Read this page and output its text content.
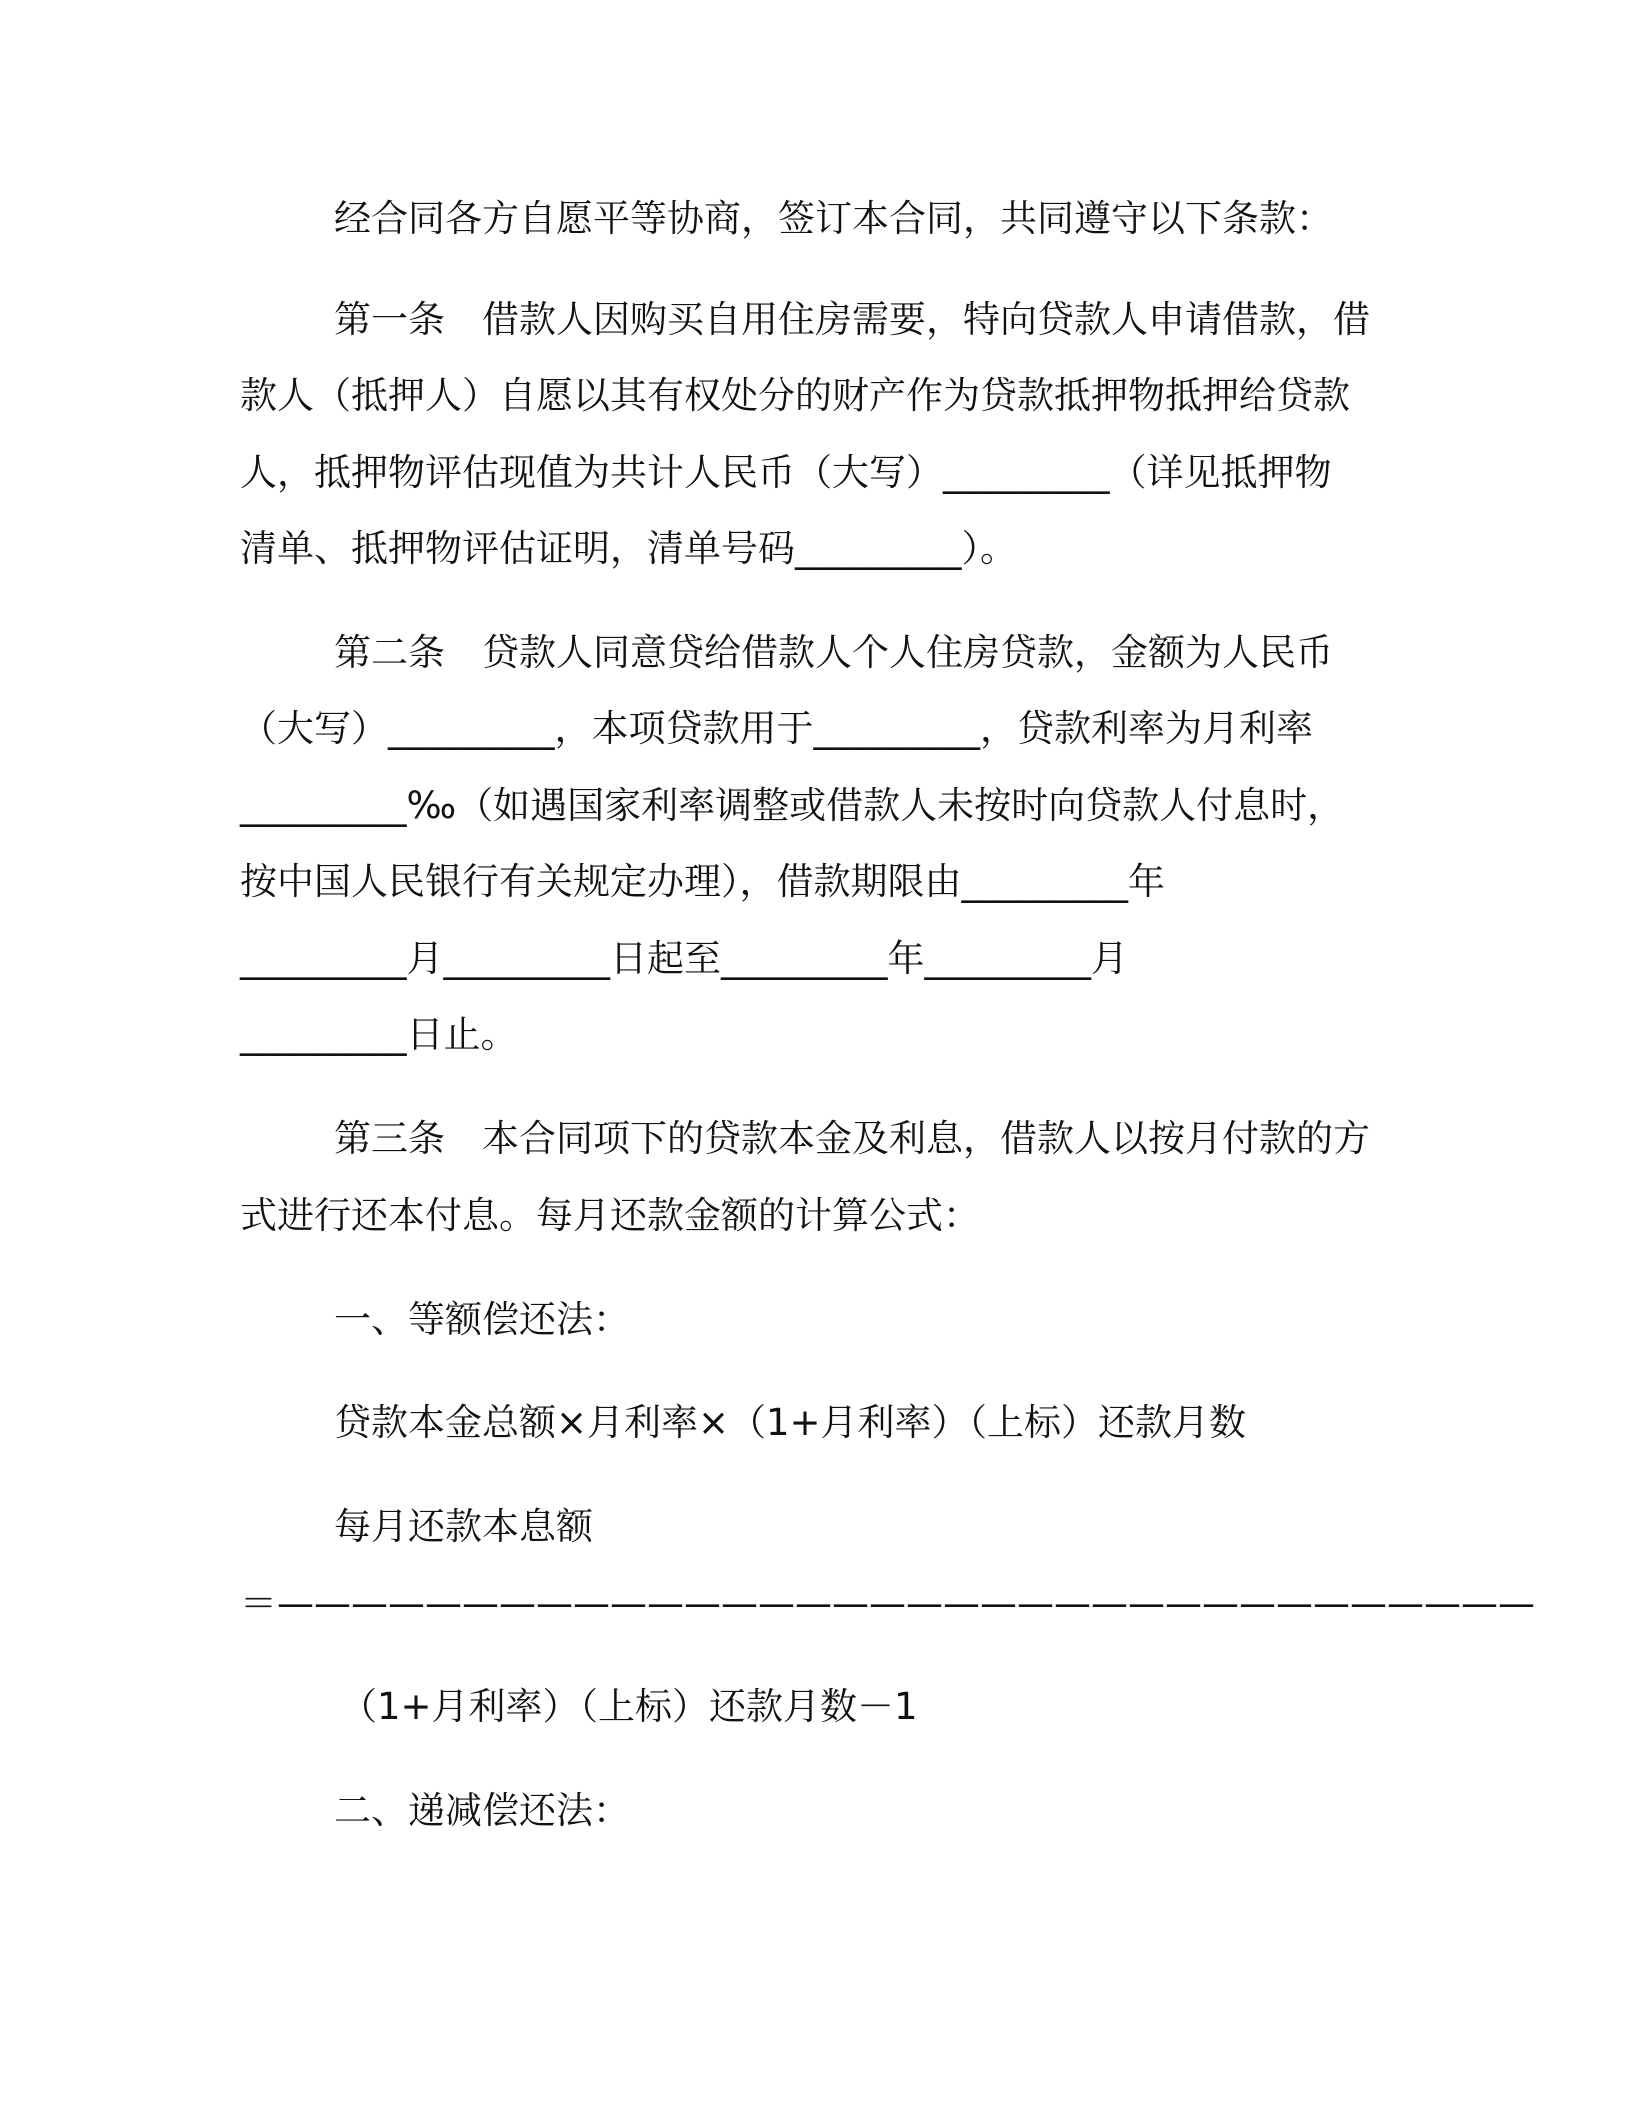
经合同各方自愿平等协商，签订本合同，共同遵守以下条款：
第一条　借款人因购买自用住房需要，特向贷款人申请借款，借
款人（抵押人）自愿以其有权处分的财产作为贷款抵押物抵押给贷款
人，抵押物评估现值为共计人民币（大写）_________（详见抵押物
清单、抵押物评估证明，清单号码_________）。
第二条　贷款人同意贷给借款人个人住房贷款，金额为人民币
（大写）_________，本项贷款用于_________，贷款利率为月利率
_________‰（如遇国家利率调整或借款人未按时向贷款人付息时，
按中国人民银行有关规定办理），借款期限由_________年
_________月_________日起至_________年_________月
_________日止。
第三条　本合同项下的贷款本金及利息，借款人以按月付款的方
式进行还本付息。每月还款金额的计算公式：
一、等额偿还法：
贷款本金总额×月利率×（1+月利率）（上标）还款月数
每月还款本息额
＝——————————————————————————————————
（1+月利率）（上标）还款月数－1
二、递减偿还法：
